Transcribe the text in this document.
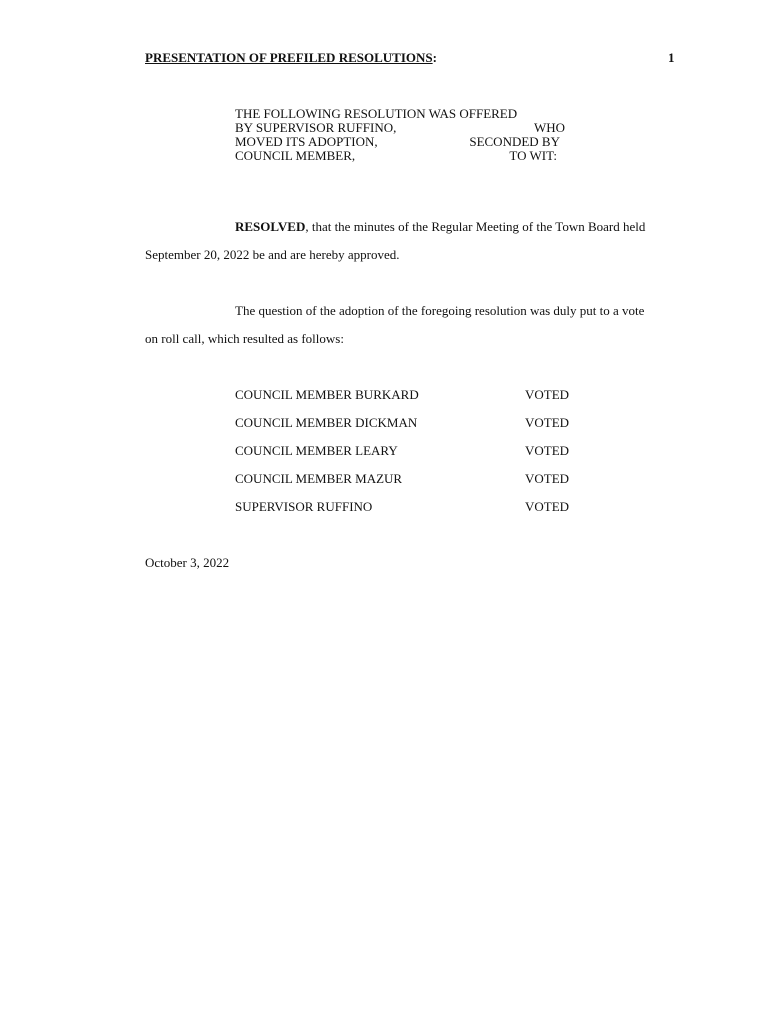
PRESENTATION OF PREFILED RESOLUTIONS:	1
THE FOLLOWING RESOLUTION WAS OFFERED
BY SUPERVISOR RUFFINO,	WHO
MOVED ITS ADOPTION,	SECONDED BY
COUNCIL MEMBER,	TO WIT:
RESOLVED, that the minutes of the Regular Meeting of the Town Board held
September 20, 2022 be and are hereby approved.
The question of the adoption of the foregoing resolution was duly put to a vote
on roll call, which resulted as follows:
COUNCIL MEMBER BURKARD	VOTED
COUNCIL MEMBER DICKMAN	VOTED
COUNCIL MEMBER LEARY	VOTED
COUNCIL MEMBER MAZUR	VOTED
SUPERVISOR RUFFINO	VOTED
October 3, 2022
